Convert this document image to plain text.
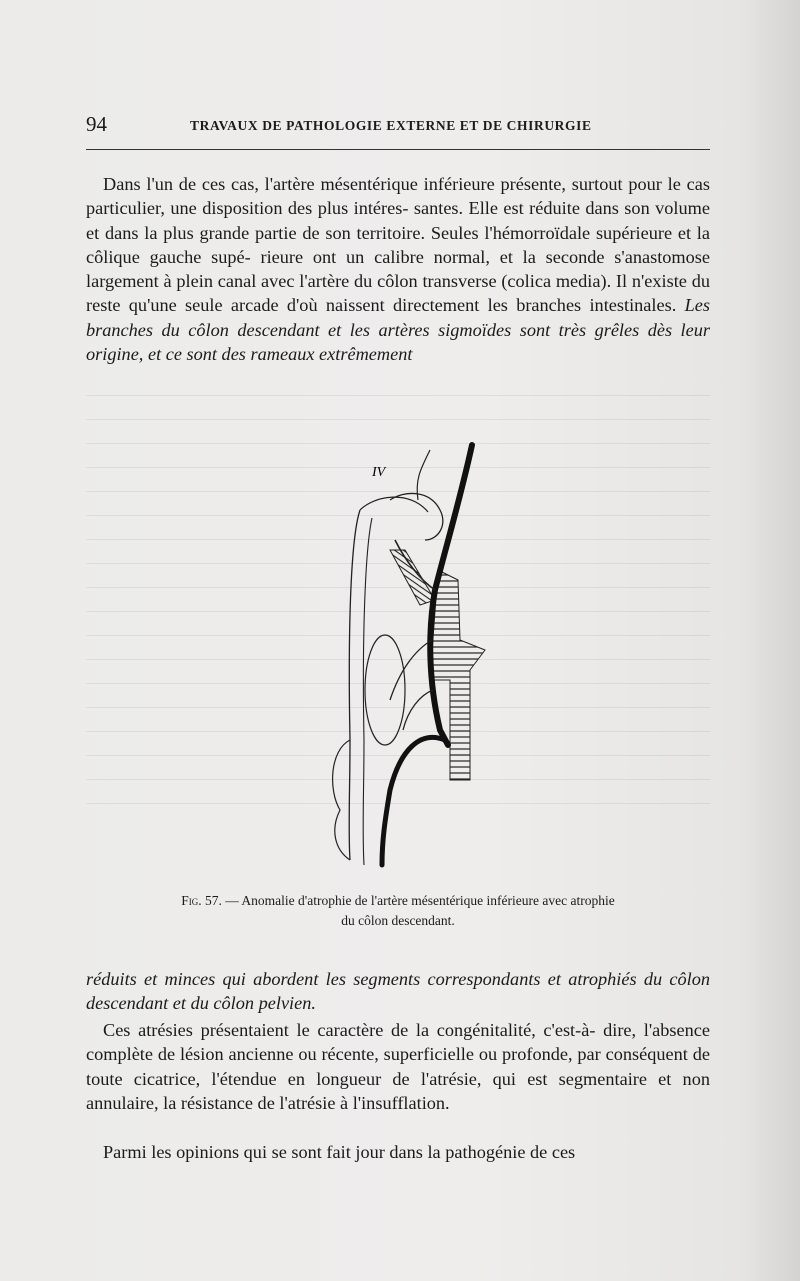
94	TRAVAUX DE PATHOLOGIE EXTERNE ET DE CHIRURGIE

Dans l'un de ces cas, l'artère mésentérique inférieure présente, surtout pour le cas particulier, une disposition des plus intéres- santes. Elle est réduite dans son volume et dans la plus grande partie de son territoire. Seules l'hémorroïdale supérieure et la côlique gauche supé- rieure ont un calibre normal, et la seconde s'anastomose largement à plein canal avec l'artère du côlon transverse (colica media). Il n'existe du reste qu'une seule arcade d'où naissent directement les branches intestinales. Les branches du côlon descendant et les artères sigmoïdes sont très grêles dès leur origine, et ce sont des rameaux extrêmement

IV
Fig. 57. — Anomalie d'atrophie de l'artère mésentérique inférieure avec atrophie
du côlon descendant.

réduits et minces qui abordent les segments correspondants et atrophiés du côlon descendant et du côlon pelvien.

Ces atrésies présentaient le caractère de la congénitalité, c'est-à- dire, l'absence complète de lésion ancienne ou récente, superficielle ou profonde, par conséquent de toute cicatrice, l'étendue en longueur de l'atrésie, qui est segmentaire et non annulaire, la résistance de l'atrésie à l'insufflation.

Parmi les opinions qui se sont fait jour dans la pathogénie de ces
